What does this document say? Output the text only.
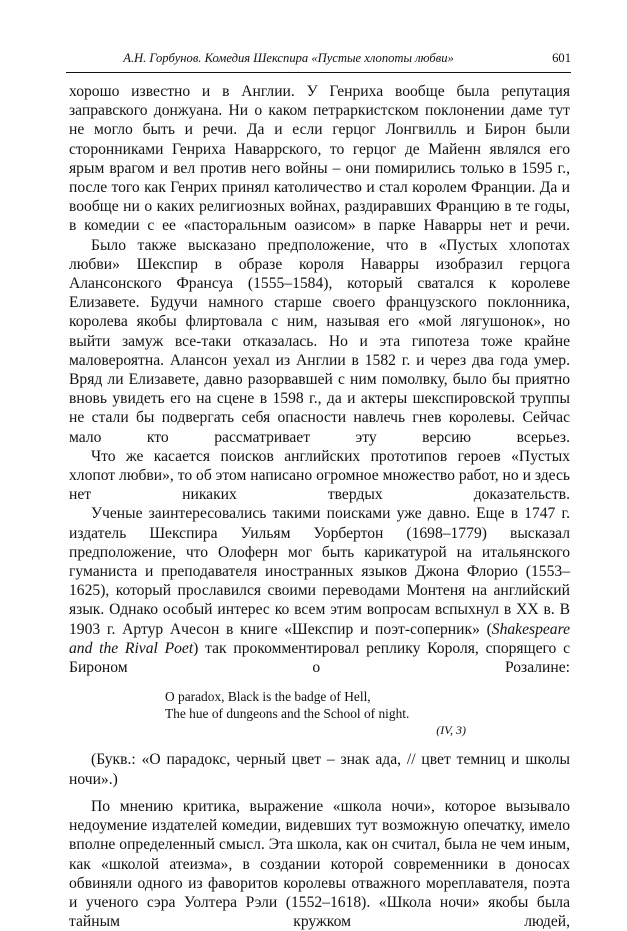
А.Н. Горбунов. Комедия Шекспира «Пустые хлопоты любви»	601

хорошо известно и в Англии. У Генриха вообще была репутация заправского донжуана. Ни о каком петраркистском поклонении даме тут не могло быть и речи. Да и если герцог Лонгвилль и Бирон были сторонниками Генриха Наваррского, то герцог де Майенн являлся его ярым врагом и вел против него войны – они помирились только в 1595 г., после того как Генрих принял католичество и стал королем Франции. Да и вообще ни о каких религиозных войнах, раздиравших Францию в те годы, в комедии с ее «пасторальным оазисом» в парке Наварры нет и речи.

Было также высказано предположение, что в «Пустых хлопотах любви» Шекспир в образе короля Наварры изобразил герцога Алансонского Франсуа (1555–1584), который сватался к королеве Елизавете. Будучи намного старше своего французского поклонника, королева якобы флиртовала с ним, называя его «мой лягушонок», но выйти замуж все-таки отказалась. Но и эта гипотеза тоже крайне маловероятна. Алансон уехал из Англии в 1582 г. и через два года умер. Вряд ли Елизавете, давно разорвавшей с ним помолвку, было бы приятно вновь увидеть его на сцене в 1598 г., да и актеры шекспировской труппы не стали бы подвергать себя опасности навлечь гнев королевы. Сейчас мало кто рассматривает эту версию всерьез.

Что же касается поисков английских прототипов героев «Пустых хлопот любви», то об этом написано огромное множество работ, но и здесь нет никаких твердых доказательств.

Ученые заинтересовались такими поисками уже давно. Еще в 1747 г. издатель Шекспира Уильям Уорбертон (1698–1779) высказал предположение, что Олоферн мог быть карикатурой на итальянского гуманиста и преподавателя иностранных языков Джона Флорио (1553–1625), который прославился своими переводами Монтеня на английский язык. Однако особый интерес ко всем этим вопросам вспыхнул в XX в. В 1903 г. Артур Ачесон в книге «Шекспир и поэт-соперник» (Shakespeare and the Rival Poet) так прокомментировал реплику Короля, спорящего с Бироном о Розалине:

O paradox, Black is the badge of Hell,
The hue of dungeons and the School of night.
(IV, 3)

(Букв.: «О парадокс, черный цвет – знак ада, // цвет темниц и школы ночи».)

По мнению критика, выражение «школа ночи», которое вызывало недоумение издателей комедии, видевших тут возможную опечатку, имело вполне определенный смысл. Эта школа, как он считал, была не чем иным, как «школой атеизма», в создании которой современники в доносах обвиняли одного из фаворитов королевы отважного мореплавателя, поэта и ученого сэра Уолтера Рэли (1552–1618). «Школа ночи» якобы была тайным кружком людей,
